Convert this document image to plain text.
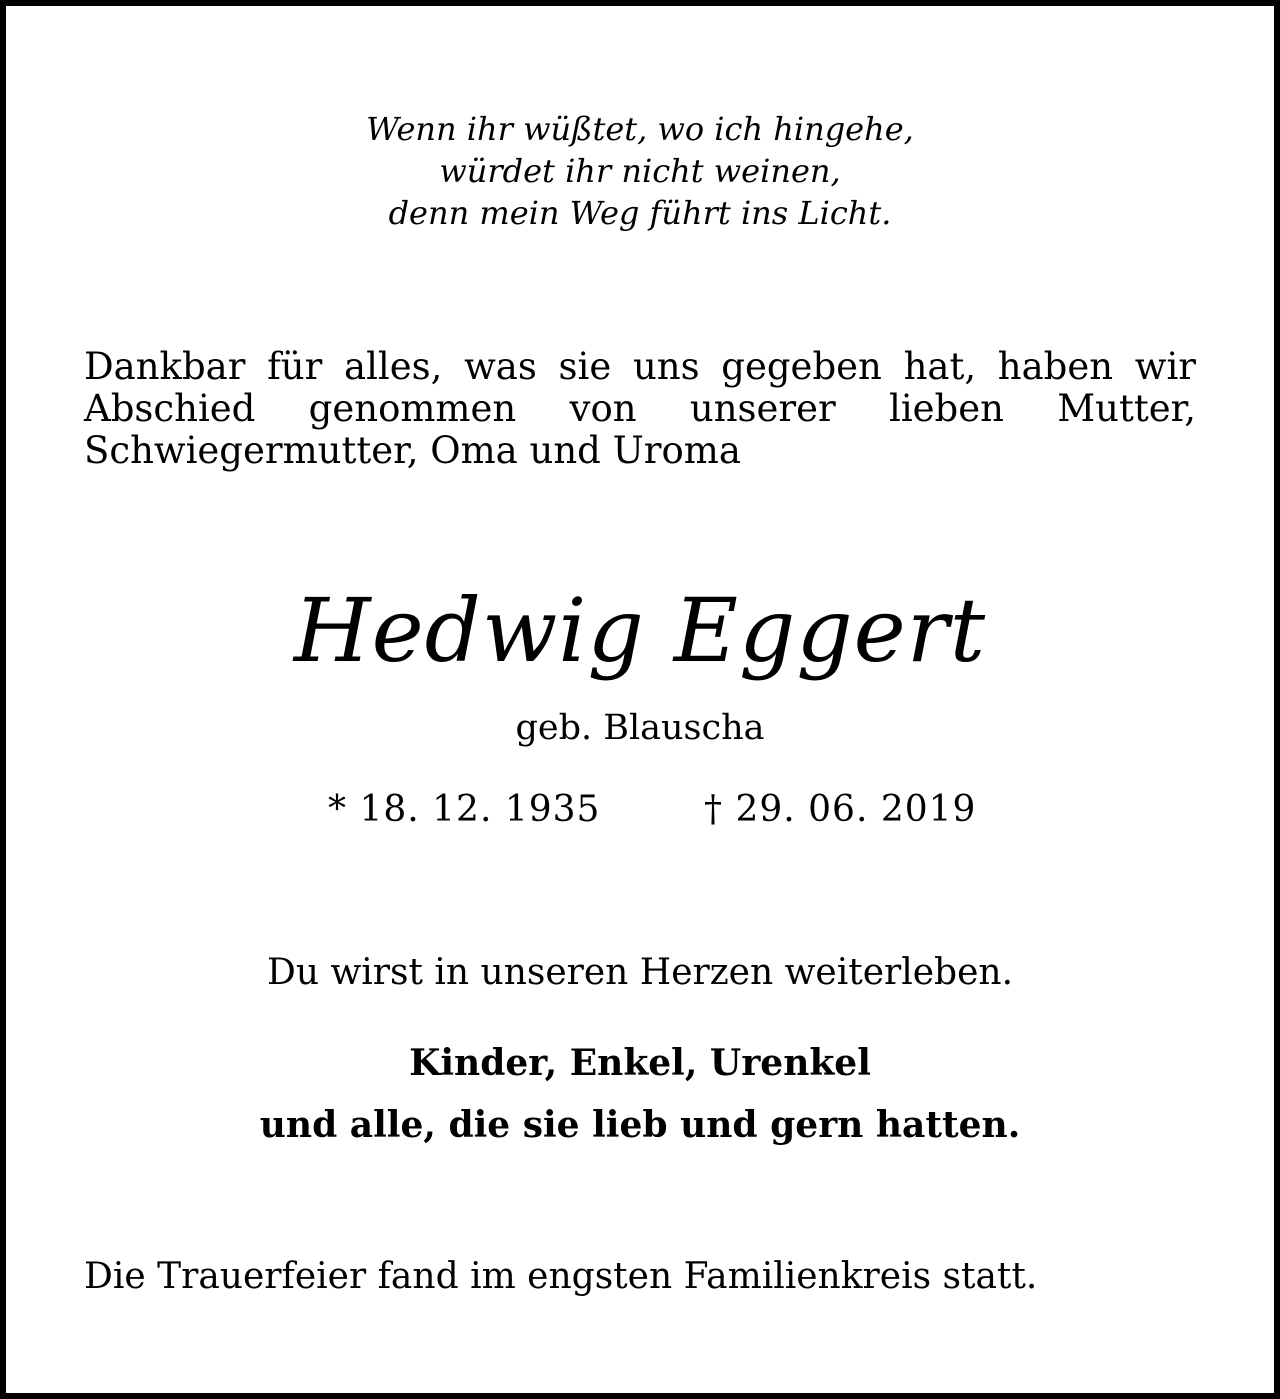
Wenn ihr wüßtet, wo ich hingehe,
würdet ihr nicht weinen,
denn mein Weg führt ins Licht.
Dankbar für alles, was sie uns gegeben hat, haben wir
Abschied genommen von unserer lieben Mutter,
Schwiegermutter, Oma und Uroma
Hedwig Eggert
geb. Blauscha
* 18. 12. 1935	† 29. 06. 2019
Du wirst in unseren Herzen weiterleben.
Kinder, Enkel, Urenkel
und alle, die sie lieb und gern hatten.
Die Trauerfeier fand im engsten Familienkreis statt.
